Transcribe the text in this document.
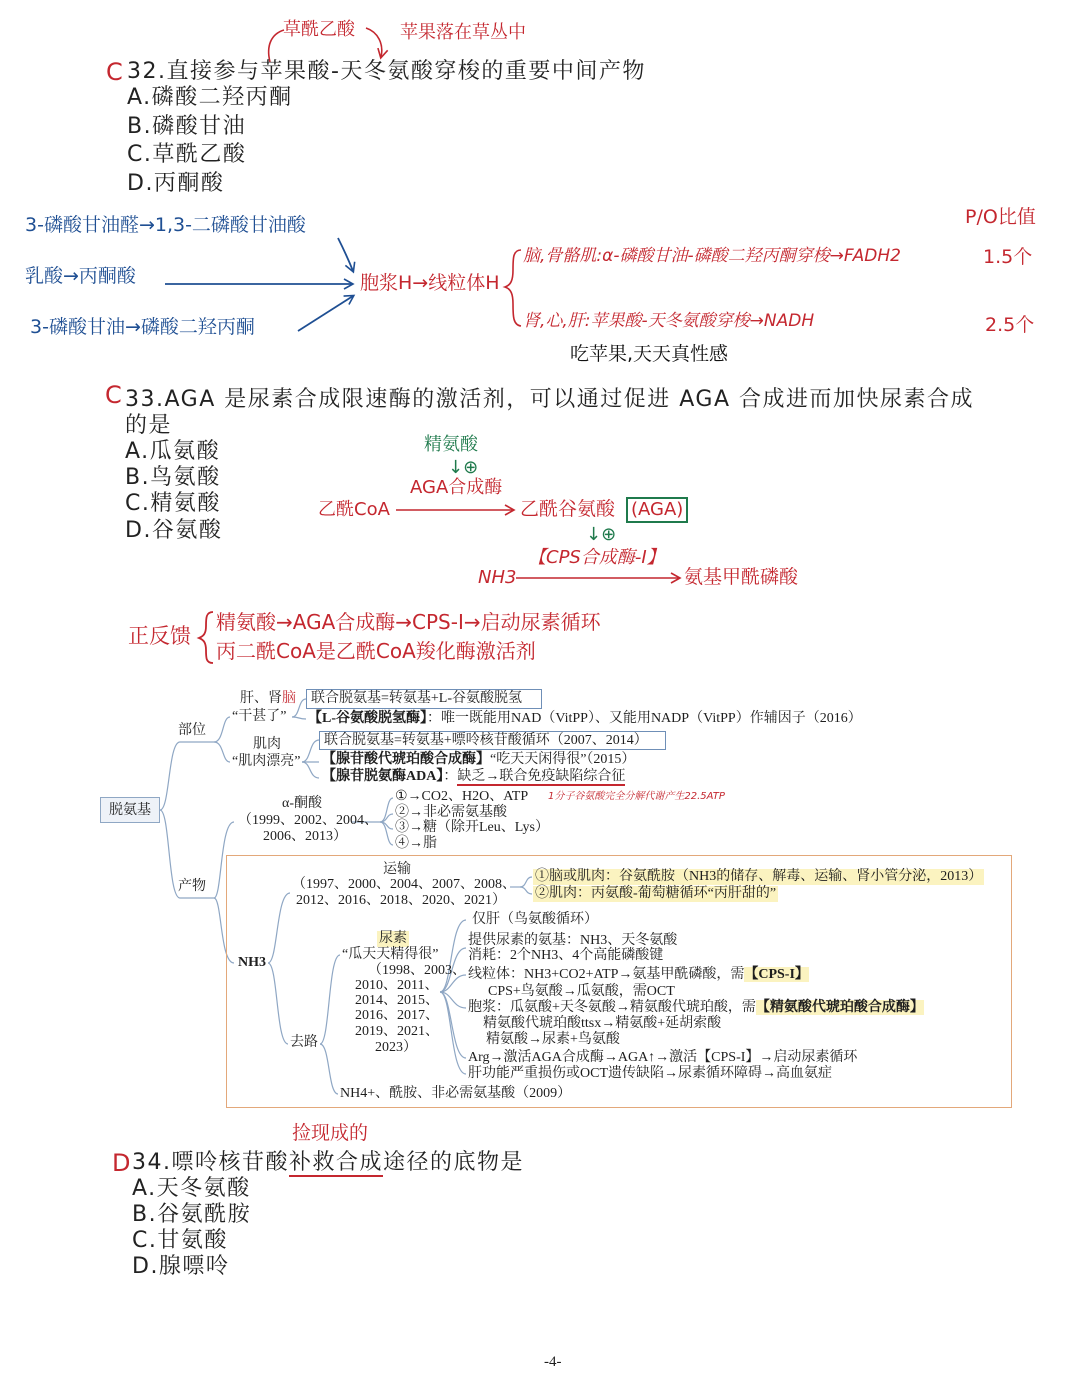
草酰乙酸	苹果落在草丛中
C 32.直接参与苹果酸-天冬氨酸穿梭的重要中间产物
A.磷酸二羟丙酮
B.磷酸甘油
C.草酰乙酸
D.丙酮酸
3-磷酸甘油醛→1,3-二磷酸甘油酸
乳酸→丙酮酸
3-磷酸甘油→磷酸二羟丙酮
胞浆H→线粒体H
脑,骨骼肌:α-磷酸甘油-磷酸二羟丙酮穿梭→FADH2
肾,心,肝:苹果酸-天冬氨酸穿梭→NADH
P/O比值
1.5个
2.5个
吃苹果,天天真性感
C 33.AGA 是尿素合成限速酶的激活剂，可以通过促进 AGA 合成进而加快尿素合成
的是
A.瓜氨酸
B.鸟氨酸
C.精氨酸
D.谷氨酸
精氨酸
↓⊕
AGA合成酶
乙酰CoA	乙酰谷氨酸 (AGA)
↓⊕
【CPS合成酶-I】
NH3	氨基甲酰磷酸
正反馈
精氨酸→AGA合成酶→CPS-I→启动尿素循环
丙二酰CoA是乙酰CoA羧化酶激活剂
脱氨基
部位
产物
肝、肾脑
“干甚了”
联合脱氨基=转氨基+L-谷氨酸脱氢
【L-谷氨酸脱氢酶】：唯一既能用NAD（VitPP）、又能用NADP（VitPP）作辅因子（2016）
肌肉
“肌肉漂亮”
联合脱氨基=转氨基+嘌呤核苷酸循环（2007、2014）
【腺苷酸代琥珀酸合成酶】“吃天天闲得很”（2015）
【腺苷脱氨酶ADA】：缺乏→联合免疫缺陷综合征
α-酮酸
（1999、2002、2004、
2006、2013）
①→CO2、H2O、ATP
②→非必需氨基酸
③→糖（除开Leu、Lys）
④→脂
1分子谷氨酸完全分解代谢产生22.5ATP
NH3
运输
（1997、2000、2004、2007、2008、
2012、2016、2018、2020、2021）
①脑或肌肉：谷氨酰胺（NH3的储存、解毒、运输、肾小管分泌，2013）
②肌肉：丙氨酸-葡萄糖循环“丙肝甜的”
去路
尿素
“瓜天天精得很”
（1998、2003、
2010、2011、
2014、2015、
2016、2017、
2019、2021、
2023）
仅肝（鸟氨酸循环）
提供尿素的氨基：NH3、天冬氨酸
消耗：2个NH3、4个高能磷酸键
线粒体：NH3+CO2+ATP→氨基甲酰磷酸，需【CPS-I】
CPS+鸟氨酸→瓜氨酸，需OCT
胞浆：瓜氨酸+天冬氨酸→精氨酸代琥珀酸，需【精氨酸代琥珀酸合成酶】
精氨酸代琥珀酸ttsx→精氨酸+延胡索酸
精氨酸→尿素+鸟氨酸
Arg→激活AGA合成酶→AGA↑→激活【CPS-I】→启动尿素循环
肝功能严重损伤或OCT遗传缺陷→尿素循环障碍→高血氨症
NH4+、酰胺、非必需氨基酸（2009）
捡现成的
D 34.嘌呤核苷酸补救合成途径的底物是
A.天冬氨酸
B.谷氨酰胺
C.甘氨酸
D.腺嘌呤
-4-
